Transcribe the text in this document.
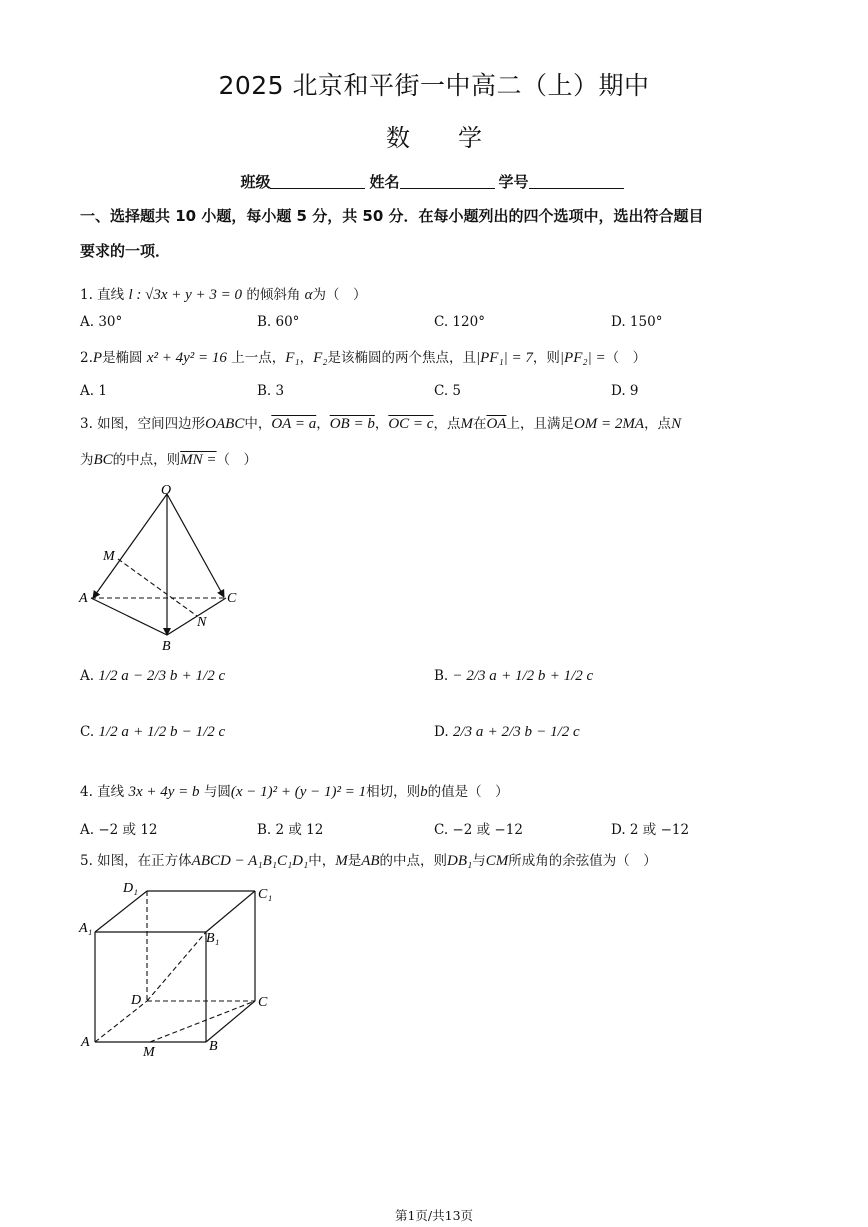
2025 北京和平街一中高二（上）期中
数 学
班级	姓名	学号
一、选择题共 10 小题，每小题 5 分，共 50 分．在每小题列出的四个选项中，选出符合题目
要求的一项．
1. 直线 l : √3x + y + 3 = 0 的倾斜角 α为（　）
A. 30°	B. 60°	C. 120°	D. 150°
2.P是椭圆 x² + 4y² = 16 上一点，F₁，F₂是该椭圆的两个焦点，且|PF₁| = 7，则|PF₂| =（　）
A. 1	B. 3	C. 5	D. 9
3. 如图，空间四边形OABC中，OA = a，OB = b，OC = c，点M在$\overline{OA}$上，且满足OM = 2MA，点N
为BC的中点，则MN =（　）
O
M
A	C
N
B
A. 1/2 a − 2/3 b + 1/2 c	B. − 2/3 a + 1/2 b + 1/2 c
C. 1/2 a + 1/2 b − 1/2 c	D. 2/3 a + 2/3 b − 1/2 c
4. 直线 3x + 4y = b 与圆(x − 1)² + (y − 1)² = 1相切，则b的值是（　）
A. −2 或 12	B. 2 或 12	C. −2 或 −12	D. 2 或 −12
5. 如图，在正方体ABCD − A₁B₁C₁D₁中，M是AB的中点，则DB₁与CM所成角的余弦值为（　）
D₁	C₁
A₁
B₁
D	C
A
M	B
第1页/共13页
